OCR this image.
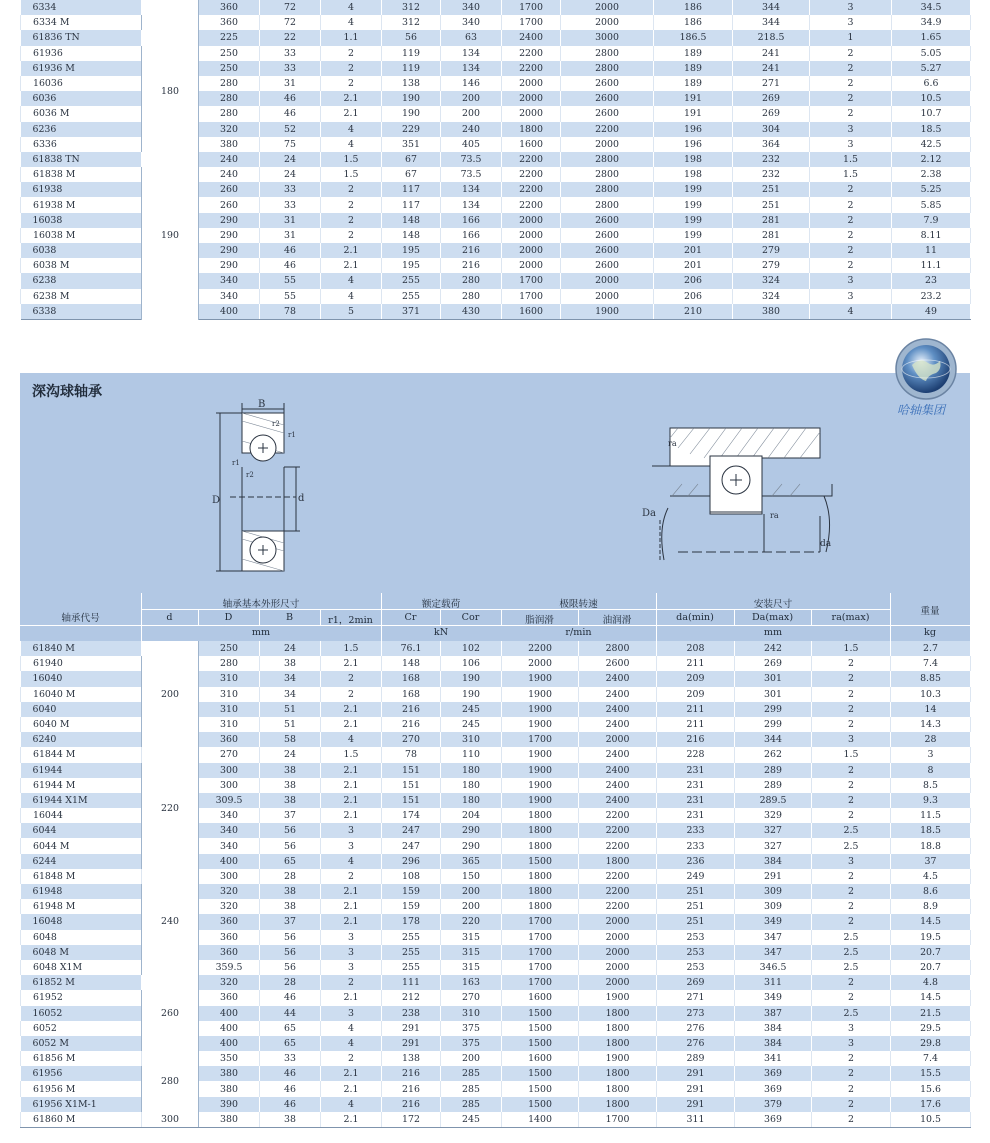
6334		360	72	4	312	340	1700	2000	186	344	3	34.5
6334 M		360	72	4	312	340	1700	2000	186	344	3	34.9
61836 TN	180	225	22	1.1	56	63	2400	3000	186.5	218.5	1	1.65
61936		250	33	2	119	134	2200	2800	189	241	2	5.05
61936 M		250	33	2	119	134	2200	2800	189	241	2	5.27
16036		280	31	2	138	146	2000	2600	189	271	2	6.6
6036		280	46	2.1	190	200	2000	2600	191	269	2	10.5
6036 M		280	46	2.1	190	200	2000	2600	191	269	2	10.7
6236		320	52	4	229	240	1800	2200	196	304	3	18.5
6336		380	75	4	351	405	1600	2000	196	364	3	42.5
61838 TN	190	240	24	1.5	67	73.5	2200	2800	198	232	1.5	2.12
61838 M		240	24	1.5	67	73.5	2200	2800	198	232	1.5	2.38
61938		260	33	2	117	134	2200	2800	199	251	2	5.25
61938 M		260	33	2	117	134	2200	2800	199	251	2	5.85
16038		290	31	2	148	166	2000	2600	199	281	2	7.9
16038 M		290	31	2	148	166	2000	2600	199	281	2	8.11
6038		290	46	2.1	195	216	2000	2600	201	279	2	11
6038 M		290	46	2.1	195	216	2000	2600	201	279	2	11.1
6238		340	55	4	255	280	1700	2000	206	324	3	23
6238 M		340	55	4	255	280	1700	2000	206	324	3	23.2
6338		400	78	5	371	430	1600	1900	210	380	4	49
深沟球轴承
哈轴集团
B
r2
r1
r1
r2
D	d
ra
ra
Da
da
轴承代号
轴承基本外形尺寸	额定载荷	极限转速	安装尺寸
重量
d	D	B	r1，2min	Cr	Cor	脂润滑	油润滑	da(min)	Da(max)	ra(max)
mm	kN	r/min	mm	kg
61840 M	200	250	24	1.5	76.1	102	2200	2800	208	242	1.5	2.7
61940		280	38	2.1	148	106	2000	2600	211	269	2	7.4
16040		310	34	2	168	190	1900	2400	209	301	2	8.85
16040 M		310	34	2	168	190	1900	2400	209	301	2	10.3
6040		310	51	2.1	216	245	1900	2400	211	299	2	14
6040 M		310	51	2.1	216	245	1900	2400	211	299	2	14.3
6240		360	58	4	270	310	1700	2000	216	344	3	28
61844 M	220	270	24	1.5	78	110	1900	2400	228	262	1.5	3
61944		300	38	2.1	151	180	1900	2400	231	289	2	8
61944 M		300	38	2.1	151	180	1900	2400	231	289	2	8.5
61944 X1M		309.5	38	2.1	151	180	1900	2400	231	289.5	2	9.3
16044		340	37	2.1	174	204	1800	2200	231	329	2	11.5
6044		340	56	3	247	290	1800	2200	233	327	2.5	18.5
6044 M		340	56	3	247	290	1800	2200	233	327	2.5	18.8
6244		400	65	4	296	365	1500	1800	236	384	3	37
61848 M	240	300	28	2	108	150	1800	2200	249	291	2	4.5
61948		320	38	2.1	159	200	1800	2200	251	309	2	8.6
61948 M		320	38	2.1	159	200	1800	2200	251	309	2	8.9
16048		360	37	2.1	178	220	1700	2000	251	349	2	14.5
6048		360	56	3	255	315	1700	2000	253	347	2.5	19.5
6048 M		360	56	3	255	315	1700	2000	253	347	2.5	20.7
6048 X1M		359.5	56	3	255	315	1700	2000	253	346.5	2.5	20.7
61852 M	260	320	28	2	111	163	1700	2000	269	311	2	4.8
61952		360	46	2.1	212	270	1600	1900	271	349	2	14.5
16052		400	44	3	238	310	1500	1800	273	387	2.5	21.5
6052		400	65	4	291	375	1500	1800	276	384	3	29.5
6052 M		400	65	4	291	375	1500	1800	276	384	3	29.8
61856 M	280	350	33	2	138	200	1600	1900	289	341	2	7.4
61956		380	46	2.1	216	285	1500	1800	291	369	2	15.5
61956 M		380	46	2.1	216	285	1500	1800	291	369	2	15.6
61956 X1M-1		390	46	4	216	285	1500	1800	291	379	2	17.6
61860 M	300	380	38	2.1	172	245	1400	1700	311	369	2	10.5
